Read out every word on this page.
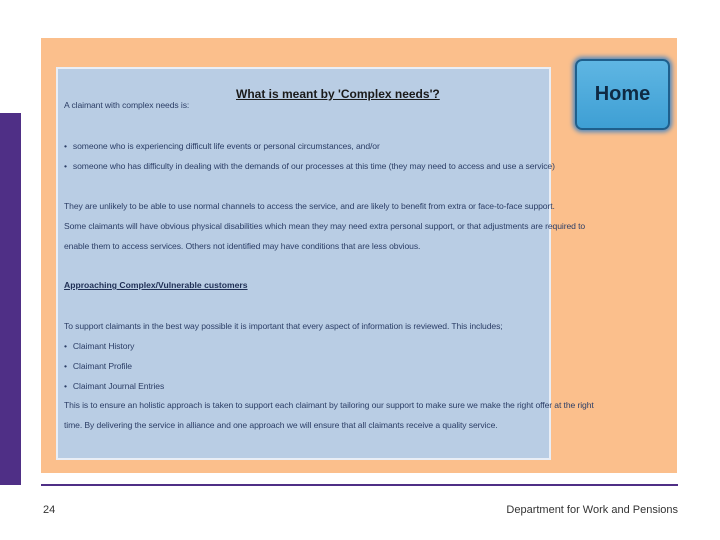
What is meant by 'Complex needs'?
A claimant with complex needs is:
• someone who is experiencing difficult life events or personal circumstances, and/or
• someone who has difficulty in dealing with the demands of our processes at this time (they may need to access and use a service)
They are unlikely to be able to use normal channels to access the service, and are likely to benefit from extra or face-to-face support.
Some claimants will have obvious physical disabilities which mean they may need extra personal support, or that adjustments are required to
enable them to access services. Others not identified may have conditions that are less obvious.
Approaching Complex/Vulnerable customers
To support claimants in the best way possible it is important that every aspect of information is reviewed. This includes;
• Claimant History
• Claimant Profile
• Claimant Journal Entries
This is to ensure an holistic approach is taken to support each claimant by tailoring our support to make sure we make the right offer at the right
time. By delivering the service in alliance and one approach we will ensure that all claimants receive a quality service.
Home
24	Department for Work and Pensions
